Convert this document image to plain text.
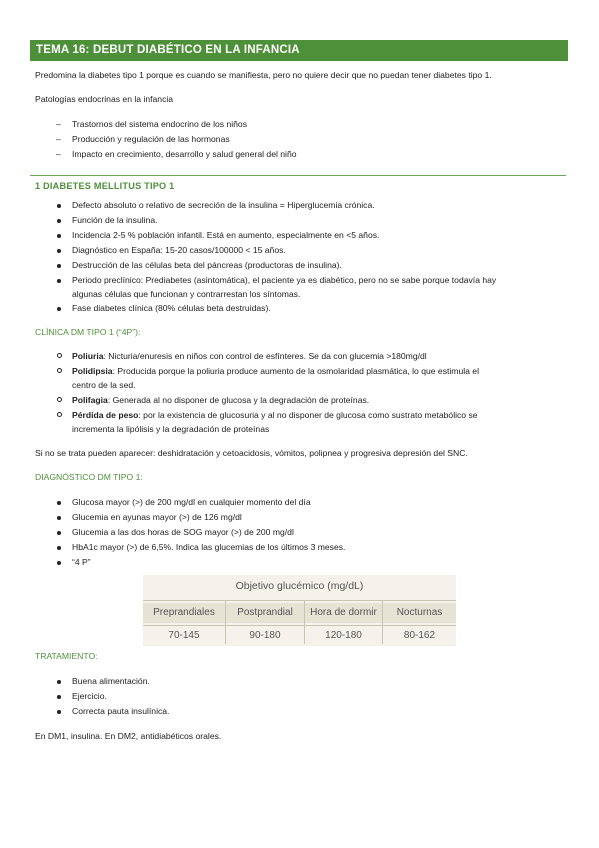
TEMA 16: DEBUT DIABÉTICO EN LA INFANCIA
Predomina la diabetes tipo 1 porque es cuando se manifiesta, pero no quiere decir que no puedan tener diabetes tipo 1.
Patologías endocrinas en la infancia
– Trastornos del sistema endocrino de los niños
– Producción y regulación de las hormonas
– Impacto en crecimiento, desarrollo y salud general del niño
1 DIABETES MELLITUS TIPO 1
Defecto absoluto o relativo de secreción de la insulina = Hiperglucemia crónica.
Función de la insulina.
Incidencia 2-5 % población infantil. Está en aumento, especialmente en <5 años.
Diagnóstico en España: 15-20 casos/100000 < 15 años.
Destrucción de las células beta del páncreas (productoras de insulina).
Periodo preclínico: Prediabetes (asintomática), el paciente ya es diabético, pero no se sabe porque todavía hay
algunas células que funcionan y contrarrestan los síntomas.
Fase diabetes clínica (80% células beta destruidas).
CLÍNICA DM TIPO 1 (“4P”):
Poliuria: Nicturia/enuresis en niños con control de esfínteres. Se da con glucemia >180mg/dl
Polidipsia: Producida porque la poliuria produce aumento de la osmolaridad plasmática, lo que estimula el
centro de la sed.
Polifagia: Generada al no disponer de glucosa y la degradación de proteínas.
Pérdida de peso: por la existencia de glucosuria y al no disponer de glucosa como sustrato metabólico se
incrementa la lipólisis y la degradación de proteínas
Si no se trata pueden aparecer: deshidratación y cetoacidosis, vómitos, polipnea y progresiva depresión del SNC.
DIAGNÓSTICO DM TIPO 1:
Glucosa mayor (>) de 200 mg/dl en cualquier momento del día
Glucemia en ayunas mayor (>) de 126 mg/dl
Glucemia a las dos horas de SOG mayor (>) de 200 mg/dl
HbA1c mayor (>) de 6,5%. Indica las glucemias de los últimos 3 meses.
“4 P”
Objetivo glucémico (mg/dL)
Preprandiales	Postprandial	Hora de dormir	Nocturnas
70-145	90-180	120-180	80-162
TRATAMIENTO:
Buena alimentación.
Ejercicio.
Correcta pauta insulínica.
En DM1, insulina. En DM2, antidiabéticos orales.
